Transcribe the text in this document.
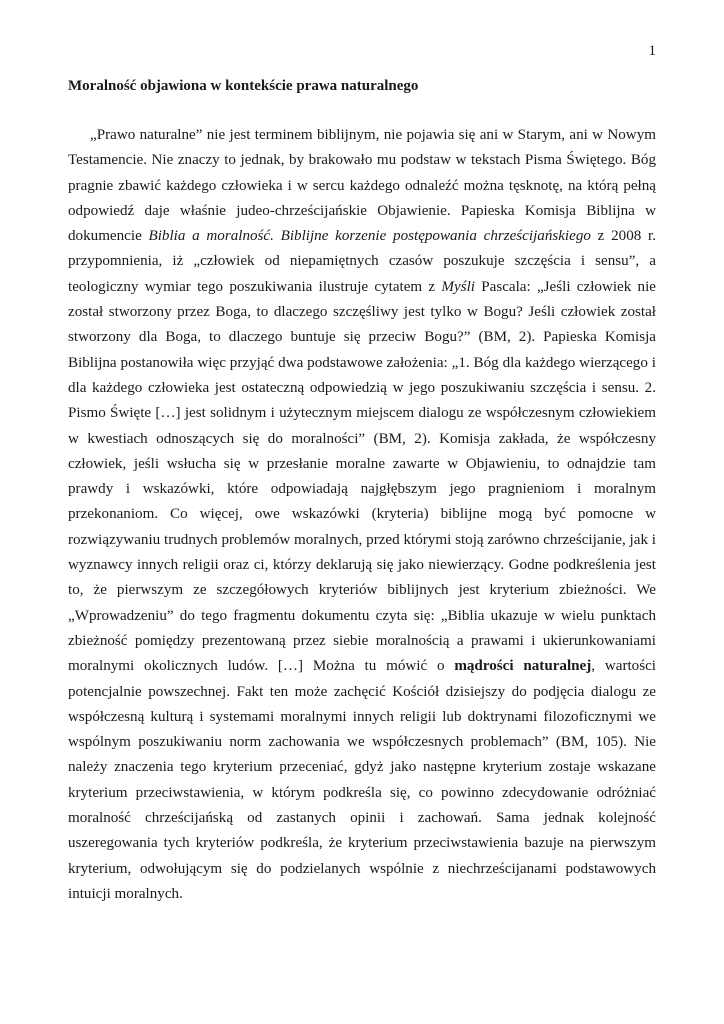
1
Moralność objawiona w kontekście prawa naturalnego

„Prawo naturalne” nie jest terminem biblijnym, nie pojawia się ani w Starym, ani w Nowym Testamencie. Nie znaczy to jednak, by brakowało mu podstaw w tekstach Pisma Świętego. Bóg pragnie zbawić każdego człowieka i w sercu każdego odnaleźć można tęsknotę, na którą pełną odpowiedź daje właśnie judeo-chrześcijańskie Objawienie. Papieska Komisja Biblijna w dokumencie Biblia a moralność. Biblijne korzenie postępowania chrześcijańskiego z 2008 r. przypomnienia, iż „człowiek od niepamiętnych czasów poszukuje szczęścia i sensu”, a teologiczny wymiar tego poszukiwania ilustruje cytatem z Myśli Pascala: „Jeśli człowiek nie został stworzony przez Boga, to dlaczego szczęśliwy jest tylko w Bogu? Jeśli człowiek został stworzony dla Boga, to dlaczego buntuje się przeciw Bogu?” (BM, 2). Papieska Komisja Biblijna postanowiła więc przyjąć dwa podstawowe założenia: „1. Bóg dla każdego wierzącego i dla każdego człowieka jest ostateczną odpowiedzią w jego poszukiwaniu szczęścia i sensu. 2. Pismo Święte […] jest solidnym i użytecznym miejscem dialogu ze współczesnym człowiekiem w kwestiach odnoszących się do moralności” (BM, 2). Komisja zakłada, że współczesny człowiek, jeśli wsłucha się w przesłanie moralne zawarte w Objawieniu, to odnajdzie tam prawdy i wskazówki, które odpowiadają najgłębszym jego pragnieniom i moralnym przekonaniom. Co więcej, owe wskazówki (kryteria) biblijne mogą być pomocne w rozwiązywaniu trudnych problemów moralnych, przed którymi stoją zarówno chrześcijanie, jak i wyznawcy innych religii oraz ci, którzy deklarują się jako niewierzący. Godne podkreślenia jest to, że pierwszym ze szczegółowych kryteriów biblijnych jest kryterium zbieżności. We „Wprowadzeniu” do tego fragmentu dokumentu czyta się: „Biblia ukazuje w wielu punktach zbieżność pomiędzy prezentowaną przez siebie moralnością a prawami i ukierunkowaniami moralnymi okolicznych ludów. […] Można tu mówić o mądrości naturalnej, wartości potencjalnie powszechnej. Fakt ten może zachęcić Kościół dzisiejszy do podjęcia dialogu ze współczesną kulturą i systemami moralnymi innych religii lub doktrynami filozoficznymi we wspólnym poszukiwaniu norm zachowania we współczesnych problemach” (BM, 105). Nie należy znaczenia tego kryterium przeceniać, gdyż jako następne kryterium zostaje wskazane kryterium przeciwstawienia, w którym podkreśla się, co powinno zdecydowanie odróżniać moralność chrześcijańską od zastanych opinii i zachowań. Sama jednak kolejność uszeregowania tych kryteriów podkreśla, że kryterium przeciwstawienia bazuje na pierwszym kryterium, odwołującym się do podzielanych wspólnie z niechrześcijanami podstawowych intuicji moralnych.
